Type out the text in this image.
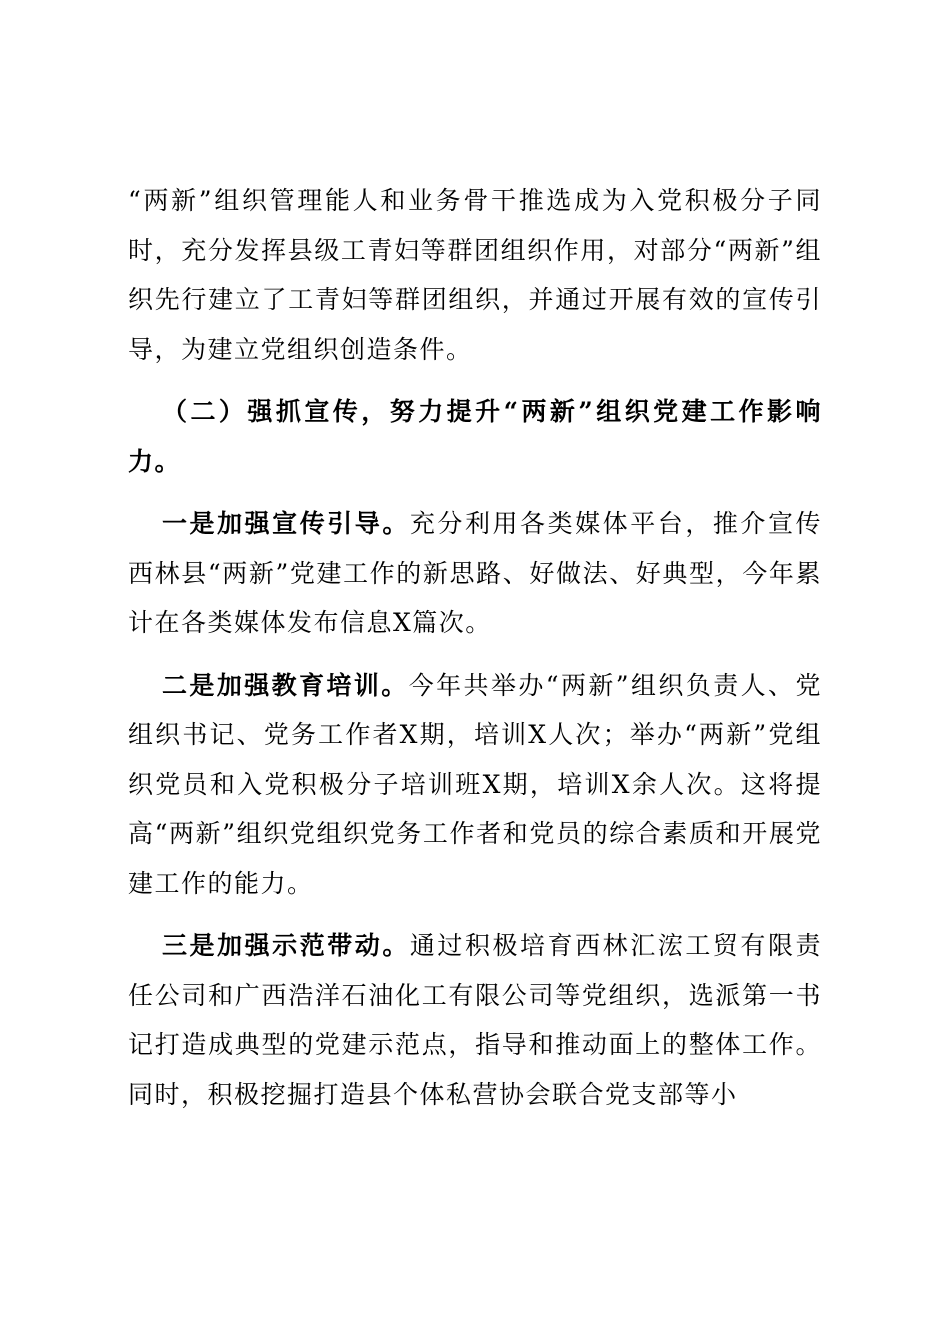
“两新”组织管理能人和业务骨干推选成为入党积极分子同时，充分发挥县级工青妇等群团组织作用，对部分“两新”组织先行建立了工青妇等群团组织，并通过开展有效的宣传引导，为建立党组织创造条件。

（二）强抓宣传，努力提升“两新”组织党建工作影响力。

一是加强宣传引导。充分利用各类媒体平台，推介宣传西林县“两新”党建工作的新思路、好做法、好典型，今年累计在各类媒体发布信息X篇次。

二是加强教育培训。今年共举办“两新”组织负责人、党组织书记、党务工作者X期，培训X人次；举办“两新”党组织党员和入党积极分子培训班X期，培训X余人次。这将提高“两新”组织党组织党务工作者和党员的综合素质和开展党建工作的能力。

三是加强示范带动。通过积极培育西林汇浤工贸有限责任公司和广西浩洋石油化工有限公司等党组织，选派第一书记打造成典型的党建示范点，指导和推动面上的整体工作。同时，积极挖掘打造县个体私营协会联合党支部等小
